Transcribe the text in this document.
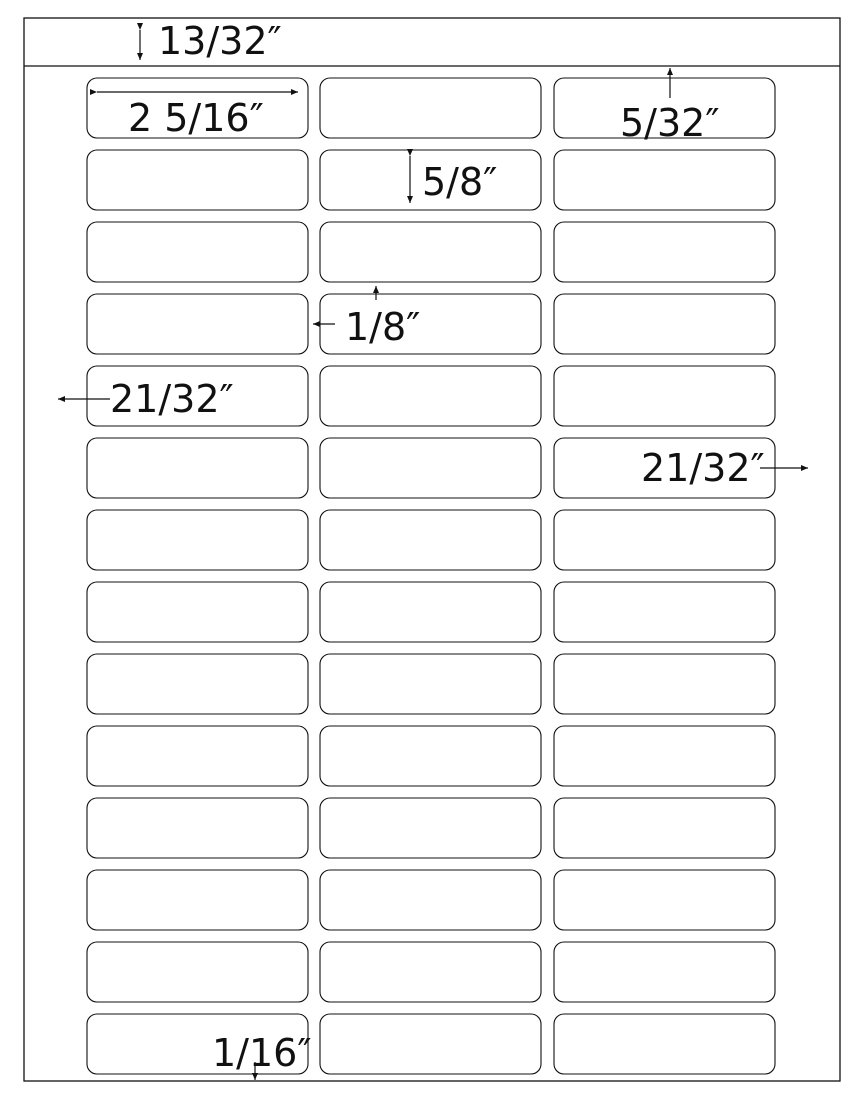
13/32″
2 5/16″	5/32″
5/8″
1/8″
21/32″
21/32″
1/16″
